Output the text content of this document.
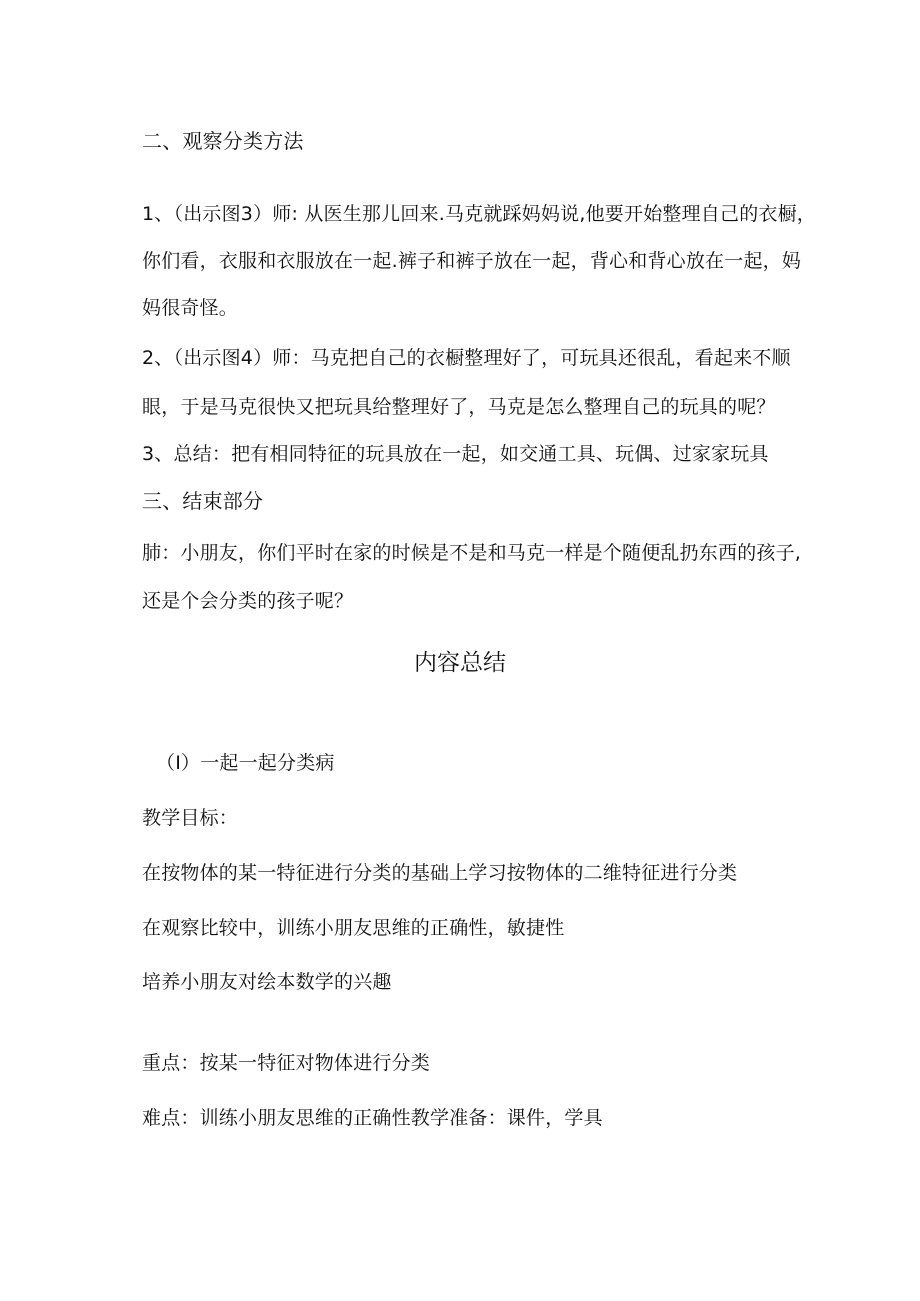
二、观察分类方法
1、（出示图3）师: 从医生那儿回来.马克就踩妈妈说,他要开始整理自己的衣橱，
你们看，衣服和衣服放在一起.裤子和裤子放在一起，背心和背心放在一起，妈
妈很奇怪。
2、（出示图4）师：马克把自己的衣橱整理好了，可玩具还很乱，看起来不顺
眼，于是马克很快又把玩具给整理好了，马克是怎么整理自己的玩具的呢？
3、总结：把有相同特征的玩具放在一起，如交通工具、玩偶、过家家玩具
三、结束部分
肺：小朋友，你们平时在家的时候是不是和马克一样是个随便乱扔东西的孩子,
还是个会分类的孩子呢？
内容总结
（I）一起一起分类病
教学目标：
在按物体的某一特征进行分类的基础上学习按物体的二维特征进行分类
在观察比较中，训练小朋友思维的正确性，敏捷性
培养小朋友对绘本数学的兴趣
重点：按某一特征对物体进行分类
难点：训练小朋友思维的正确性教学准备：课件，学具
